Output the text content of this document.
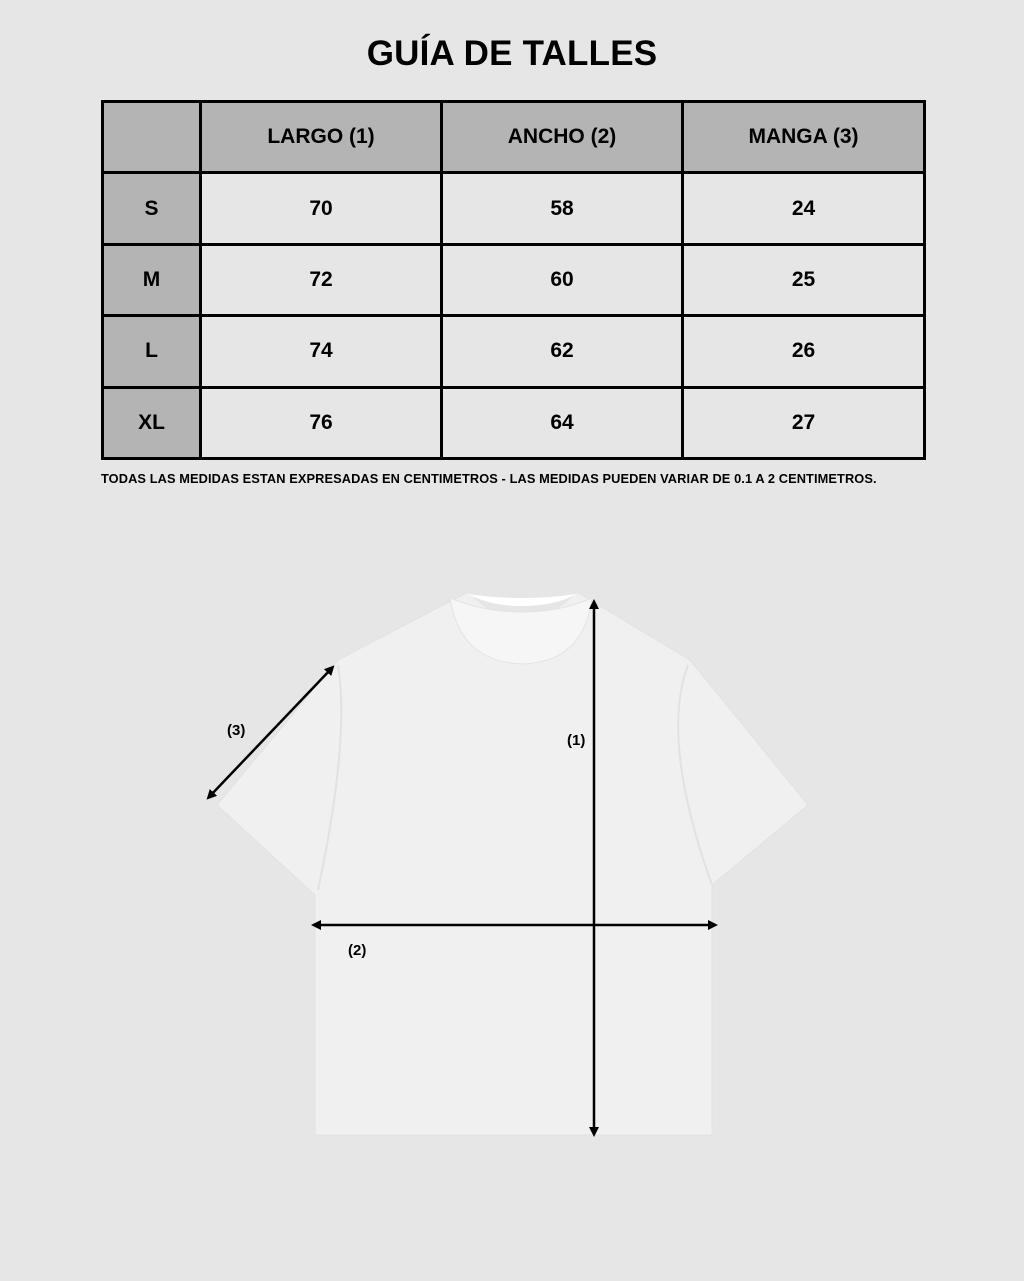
GUÍA DE TALLES
	LARGO (1)	ANCHO (2)	MANGA (3)
S	70	58	24
M	72	60	25
L	74	62	26
XL	76	64	27
TODAS LAS MEDIDAS ESTAN EXPRESADAS EN CENTIMETROS - LAS MEDIDAS PUEDEN VARIAR DE 0.1 A 2 CENTIMETROS.
(1)
(2)
(3)
